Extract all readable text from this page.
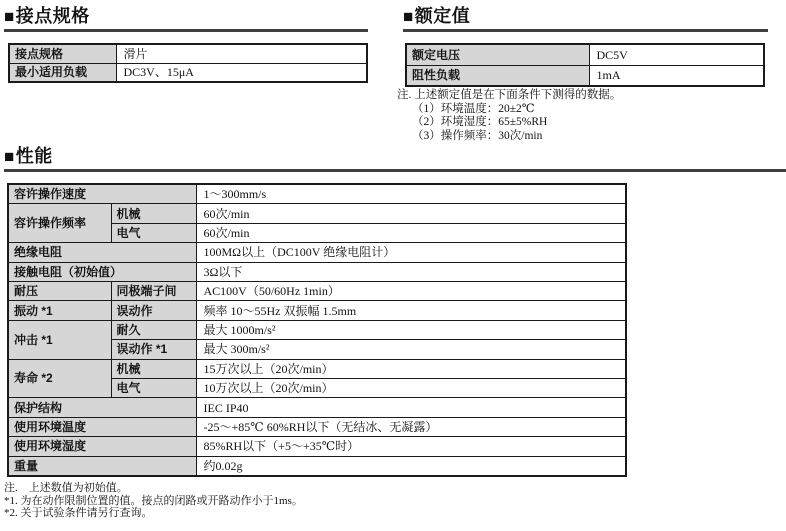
■接点规格
接点规格	滑片
最小适用负载	DC3V、15μA
■额定值
额定电压	DC5V
阻性负载	1mA
注. 上述额定值是在下面条件下测得的数据。
（1）环境温度：20±2℃
（2）环境湿度：65±5%RH
（3）操作频率：30次/min
■性能
容许操作速度		1～300mm/s
容许操作频率	机械	60次/min
	电气	60次/min
绝缘电阻		100MΩ以上（DC100V 绝缘电阻计）
接触电阻（初始值）		3Ω以下
耐压	同极端子间	AC100V（50/60Hz 1min）
振动 *1	误动作	频率 10～55Hz 双振幅 1.5mm
冲击 *1	耐久	最大 1000m/s²
	误动作 *1	最大 300m/s²
寿命 *2	机械	15万次以上（20次/min）
	电气	10万次以上（20次/min）
保护结构		IEC IP40
使用环境温度		-25～+85℃ 60%RH以下（无结冰、无凝露）
使用环境湿度		85%RH以下（+5～+35℃时）
重量		约0.02g
注.　上述数值为初始值。
*1. 为在动作限制位置的值。接点的闭路或开路动作小于1ms。
*2. 关于试验条件请另行查询。
